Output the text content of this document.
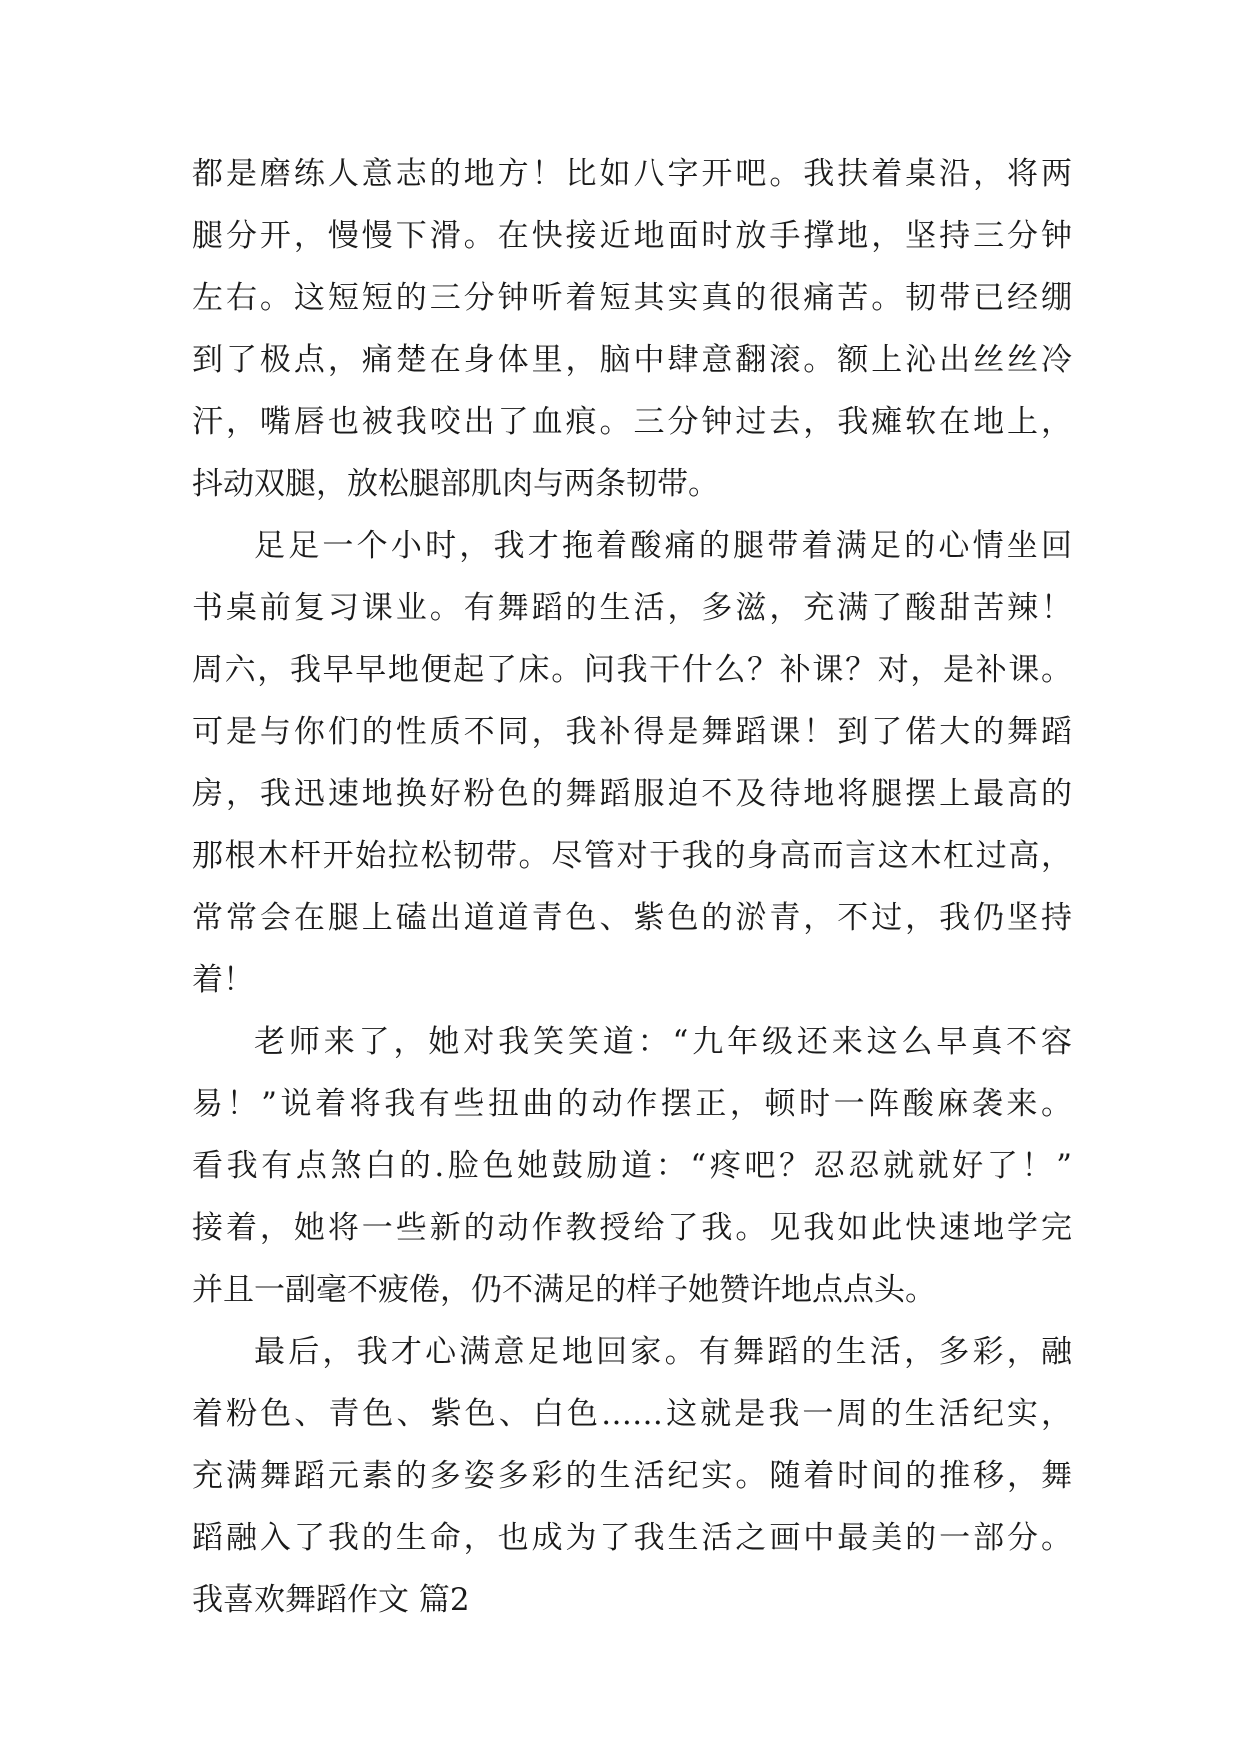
都是磨练人意志的地方！比如八字开吧。我扶着桌沿，将两
腿分开，慢慢下滑。在快接近地面时放手撑地，坚持三分钟
左右。这短短的三分钟听着短其实真的很痛苦。韧带已经绷
到了极点，痛楚在身体里，脑中肆意翻滚。额上沁出丝丝冷
汗，嘴唇也被我咬出了血痕。三分钟过去，我瘫软在地上，
抖动双腿，放松腿部肌肉与两条韧带。
足足一个小时，我才拖着酸痛的腿带着满足的心情坐回
书桌前复习课业。有舞蹈的生活，多滋，充满了酸甜苦辣！
周六，我早早地便起了床。问我干什么？补课？对，是补课。
可是与你们的性质不同，我补得是舞蹈课！到了偌大的舞蹈
房，我迅速地换好粉色的舞蹈服迫不及待地将腿摆上最高的
那根木杆开始拉松韧带。尽管对于我的身高而言这木杠过高，
常常会在腿上磕出道道青色、紫色的淤青，不过，我仍坚持
着！
老师来了，她对我笑笑道：“九年级还来这么早真不容
易！”说着将我有些扭曲的动作摆正，顿时一阵酸麻袭来。
看我有点煞白的.脸色她鼓励道：“疼吧？忍忍就就好了！”
接着，她将一些新的动作教授给了我。见我如此快速地学完
并且一副毫不疲倦，仍不满足的样子她赞许地点点头。
最后，我才心满意足地回家。有舞蹈的生活，多彩，融
着粉色、青色、紫色、白色……这就是我一周的生活纪实，
充满舞蹈元素的多姿多彩的生活纪实。随着时间的推移，舞
蹈融入了我的生命，也成为了我生活之画中最美的一部分。
我喜欢舞蹈作文 篇2
